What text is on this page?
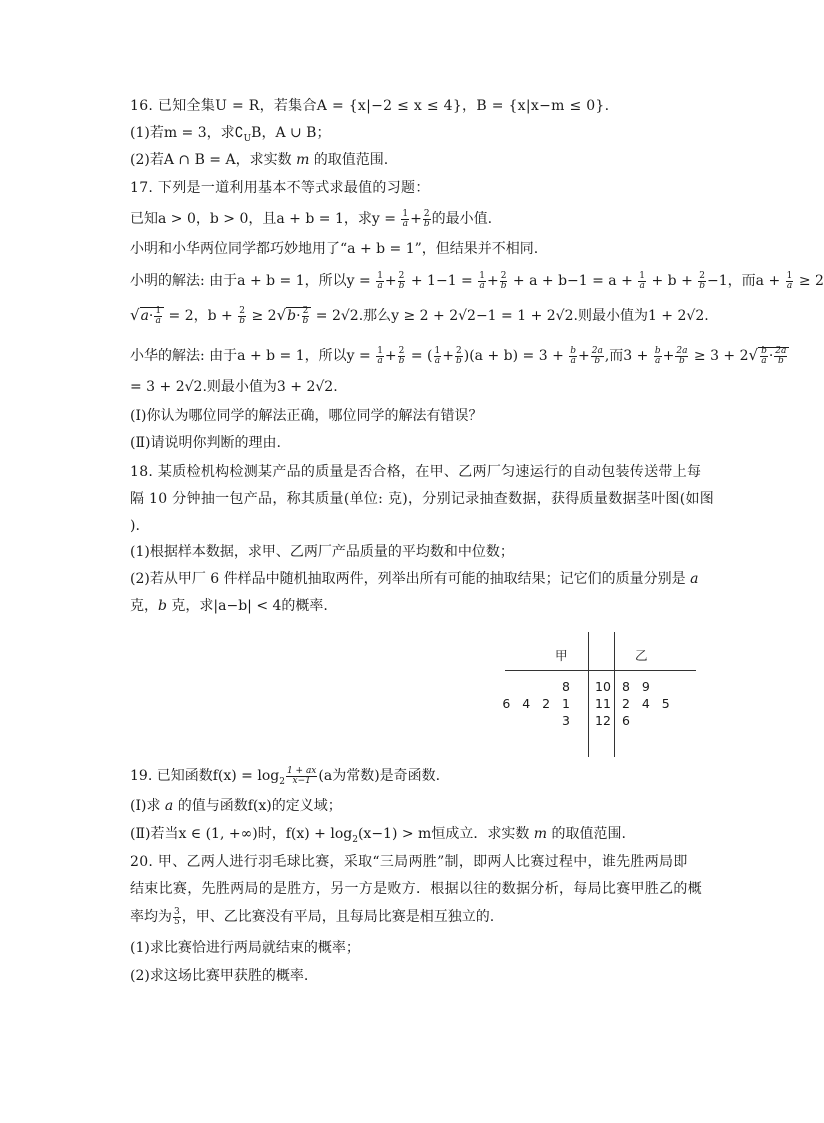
16. 已知全集U = R，若集合A = {x|−2 ≤ x ≤ 4}，B = {x|x−m ≤ 0}.
(1)若m = 3，求$∁_UB$，A ∪ B；
(2)若A ∩ B = A，求实数 m 的取值范围.
17. 下列是一道利用基本不等式求最值的习题：
已知a > 0，b > 0，且a + b = 1，求$y = \frac{1}{a} + \frac{2}{b}$ 的最小值.
小明和小华两位同学都巧妙地用了“a + b = 1”，但结果并不相同.
小明的解法: 由于a + b = 1，所以$y = \frac{1}{a} + \frac{2}{b} + 1-1 = \frac{1}{a} + \frac{2}{b} + a + b-1 = a + \frac{1}{a} + b + \frac{2}{b} -1$，而$a + \frac{1}{a} \ge 2$
$√a\cdot \frac{1}{a} = 2$，$b + \frac{2}{b} \ge 2√b\cdot \frac{2}{b} = 2√2$.那么y ≥ 2 + 2√2−1 = 1 + 2√2.则最小值为1 + 2√2.
小华的解法: 由于a + b = 1，所以$y = \frac{1}{a} + \frac{2}{b}$ = ( $\frac{1}{a} + \frac{2}{b} )(a + b) = 3 + \frac{b}{a} + \frac{2a}{b}$ ,而$3 + \frac{b}{a} + \frac{2a}{b} \ge 3 + 2√ \frac{b}{a} \cdot \frac{2a}{b}$
= 3 + 2√2.则最小值为3 + 2√2.
(Ⅰ)你认为哪位同学的解法正确，哪位同学的解法有错误？
(Ⅱ)请说明你判断的理由.
18. 某质检机构检测某产品的质量是否合格，在甲、乙两厂匀速运行的自动包装传送带上每
隔 10 分钟抽一包产品，称其质量(单位: 克)，分别记录抽查数据，获得质量数据茎叶图(如图
).
(1)根据样本数据，求甲、乙两厂产品质量的平均数和中位数；
(2)若从甲厂 6 件样品中随机抽取两件，列举出所有可能的抽取结果；记它们的质量分别是 a
克，b 克，求|a−b| < 4的概率.
19. 已知函数$f(x) = \log_2 \frac{1 + ax}{x-1} (a$为常数)是奇函数.
(Ⅰ)求 a 的值与函数f(x)的定义域；
(Ⅱ)若当x ∈ (1, +∞)时，$f(x) + \log_2(x-1) > m$恒成立．求实数 m 的取值范围.
20. 甲、乙两人进行羽毛球比赛，采取“三局两胜”制，即两人比赛过程中，谁先胜两局即
结束比赛，先胜两局的是胜方，另一方是败方．根据以往的数据分析，每局比赛甲胜乙的概
率均为 $\frac{3}{5}$ ，甲、乙比赛没有平局，且每局比赛是相互独立的.
(1)求比赛恰进行两局就结束的概率；
(2)求这场比赛甲获胜的概率.
甲	乙
8 10 8   9
6   4   2   1 11 2   4   5
3 12 6
